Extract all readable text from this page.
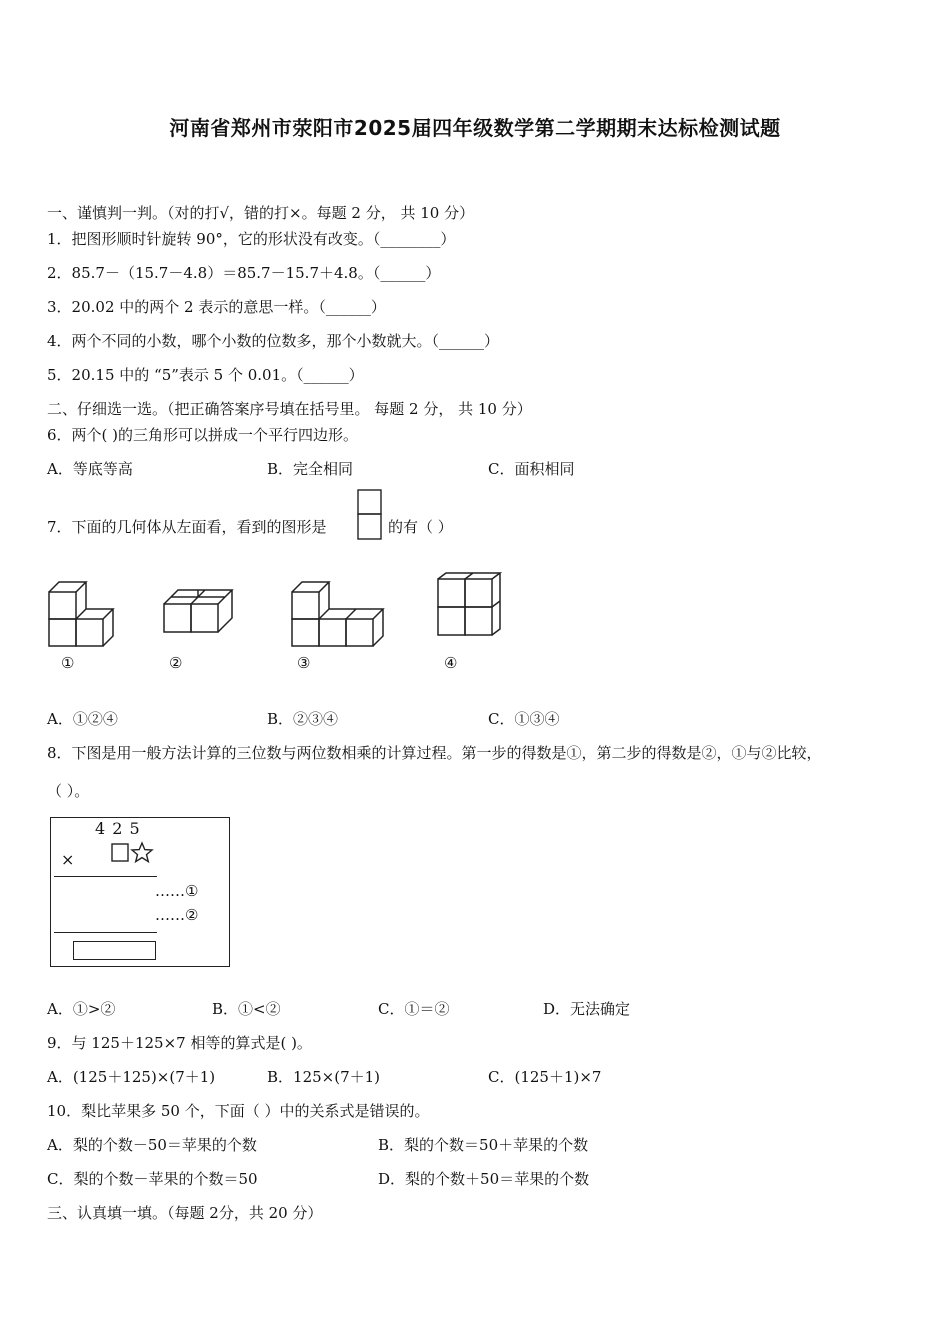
河南省郑州市荥阳市2025届四年级数学第二学期期末达标检测试题
一、谨慎判一判。（对的打√，错的打×。每题 2 分， 共 10 分）
1．把图形顺时针旋转 90°，它的形状没有改变。（________）
2．85.7－（15.7－4.8）＝85.7－15.7＋4.8。（______）
3．20.02 中的两个 2 表示的意思一样。（______）
4．两个不同的小数，哪个小数的位数多，那个小数就大。（______）
5．20.15 中的 “5”表示 5 个 0.01。（______）
二、仔细选一选。（把正确答案序号填在括号里。 每题 2 分， 共 10 分）
6．两个( )的三角形可以拼成一个平行四边形。
A．等底等高	B．完全相同	C．面积相同
7．下面的几何体从左面看，看到的图形是	的有（ ）
①	②	③	④
A．①②④	B．②③④	C．①③④
8．下图是用一般方法计算的三位数与两位数相乘的计算过程。第一步的得数是①，第二步的得数是②，①与②比较，
（ ）。
4 2 5
×
……①
……②
A．①>②	B．①<②	C．①＝②	D．无法确定
9．与 125＋125×7 相等的算式是( )。
A．(125＋125)×(7＋1)	B．125×(7＋1)	C．(125＋1)×7
10．梨比苹果多 50 个，下面（ ）中的关系式是错误的。
A．梨的个数－50＝苹果的个数	B．梨的个数＝50＋苹果的个数
C．梨的个数－苹果的个数＝50	D．梨的个数＋50＝苹果的个数
三、认真填一填。（每题 2分，共 20 分）
